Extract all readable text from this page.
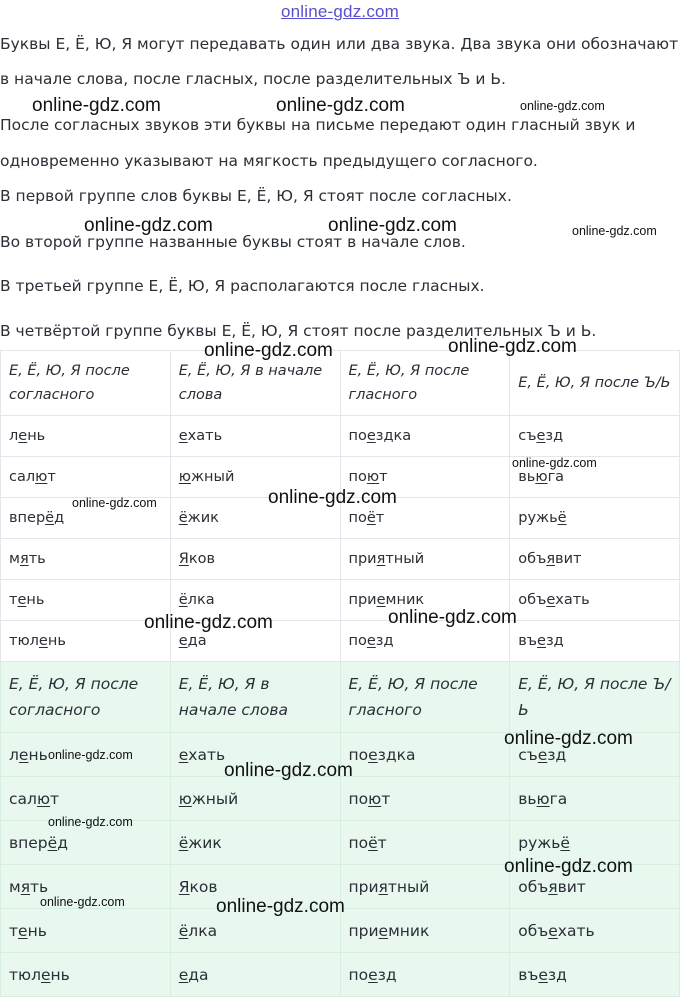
online-gdz.com
Буквы Е, Ё, Ю, Я могут передавать один или два звука. Два звука они обозначают
в начале слова, после гласных, после разделительных Ъ и Ь.
После согласных звуков эти буквы на письме передают один гласный звук и
одновременно указывают на мягкость предыдущего согласного.
В первой группе слов буквы Е, Ё, Ю, Я стоят после согласных.
Во второй группе названные буквы стоят в начале слов.
В третьей группе Е, Ё, Ю, Я располагаются после гласных.
В четвёртой группе буквы Е, Ё, Ю, Я стоят после разделительных Ъ и Ь.
Е, Ё, Ю, Я после согласного	Е, Ё, Ю, Я в начале слова	Е, Ё, Ю, Я после гласного	Е, Ё, Ю, Я после Ъ/Ь
лень	ехать	поездка	съезд
салют	южный	поют	вьюга
вперёд	ёжик	поёт	ружьё
мять	Яков	приятный	объявит
тень	ёлка	приемник	объехать
тюлень	еда	поезд	въезд
Е, Ё, Ю, Я после согласного	Е, Ё, Ю, Я в начале слова	Е, Ё, Ю, Я после гласного	Е, Ё, Ю, Я после Ъ/Ь
лень	ехать	поездка	съезд
салют	южный	поют	вьюга
вперёд	ёжик	поёт	ружьё
мять	Яков	приятный	объявит
тень	ёлка	приемник	объехать
тюлень	еда	поезд	въезд
online-gdz.com	online-gdz.com	online-gdz.com
online-gdz.com	online-gdz.com	online-gdz.com
online-gdz.com	online-gdz.com
online-gdz.com
online-gdz.com
online-gdz.com
online-gdz.com	online-gdz.com
online-gdz.com
online-gdz.com
online-gdz.com
online-gdz.com
online-gdz.com
online-gdz.com	online-gdz.com
